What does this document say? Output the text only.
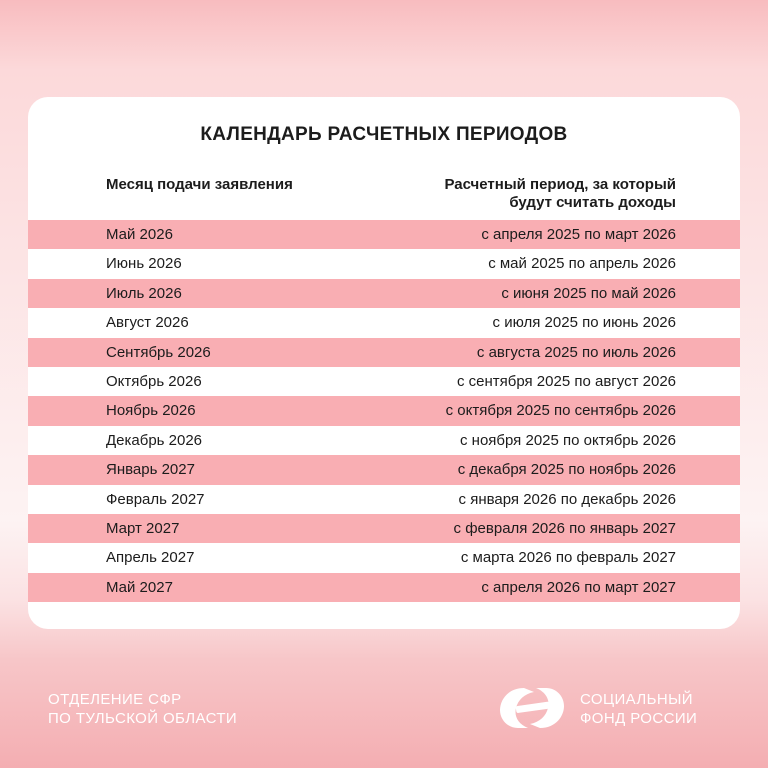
КАЛЕНДАРЬ РАСЧЕТНЫХ ПЕРИОДОВ
Месяц подачи заявления	Расчетный период, за который
будут считать доходы
Май 2026	с апреля 2025 по март 2026
Июнь 2026	с май 2025 по апрель 2026
Июль 2026	с июня 2025 по май 2026
Август 2026	с июля 2025 по июнь 2026
Сентябрь 2026	с августа 2025 по июль 2026
Октябрь 2026	с сентября 2025 по август 2026
Ноябрь 2026	с октября 2025 по сентябрь 2026
Декабрь 2026	с ноября 2025 по октябрь 2026
Январь 2027	с декабря 2025 по ноябрь 2026
Февраль 2027	с января 2026 по декабрь 2026
Март 2027	с февраля 2026 по январь 2027
Апрель 2027	с марта 2026 по февраль 2027
Май 2027	с апреля 2026 по март 2027
ОТДЕЛЕНИЕ СФР
ПО ТУЛЬСКОЙ ОБЛАСТИ
СОЦИАЛЬНЫЙ
ФОНД РОССИИ
